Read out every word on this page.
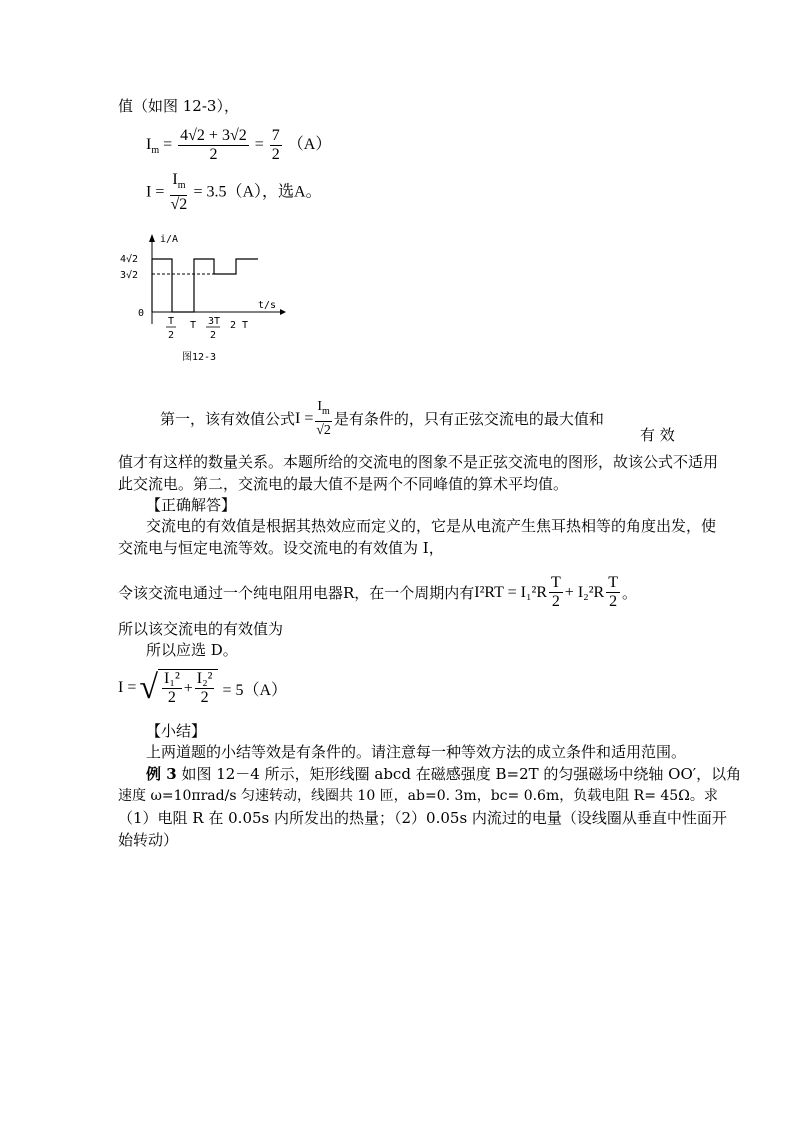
值（如图 12-3），
$I_m = \frac{4√2 + 3√2}{2} = \frac{7}{2} (A)$
$I = \frac{I_m}{√2} = 3.5(A)$，选A。
i/A
t/s
4√2
3√2
0
T
2
T 3T
2
2 T
图12-3
第一，该有效值公式 $I = \frac{I_m}{√2}$ 是有条件的，只有正弦交流电的最大值和
有 效
值才有这样的数量关系。本题所给的交流电的图象不是正弦交流电的图形，故该公式不适用
此交流电。第二，交流电的最大值不是两个不同峰值的算术平均值。
【正确解答】
交流电的有效值是根据其热效应而定义的，它是从电流产生焦耳热相等的角度出发，使
交流电与恒定电流等效。设交流电的有效值为 I，
令该交流电通过一个纯电阻用电器R，在一个周期内有 $I^2RT = I_1^2R \frac{T}{2} + I_2^2R \frac{T}{2}$ 。
所以该交流电的有效值为
所以应选 D。
I = √ $\frac{\text{I₁²}}{2} + \frac{\text{I₂²}}{2} = 5(A)$
【小结】
上两道题的小结等效是有条件的。请注意每一种等效方法的成立条件和适用范围。
例 3 如图 12－4 所示，矩形线圈 abcd 在磁感强度 B=2T 的匀强磁场中绕轴 OO′，以角
速度 ω=10πrad/s 匀速转动，线圈共 10 匝，ab=0. 3m，bc= 0.6m，负载电阻 R= 45Ω。求
（1）电阻 R 在 0.05s 内所发出的热量；（2）0.05s 内流过的电量（设线圈从垂直中性面开
始转动）
